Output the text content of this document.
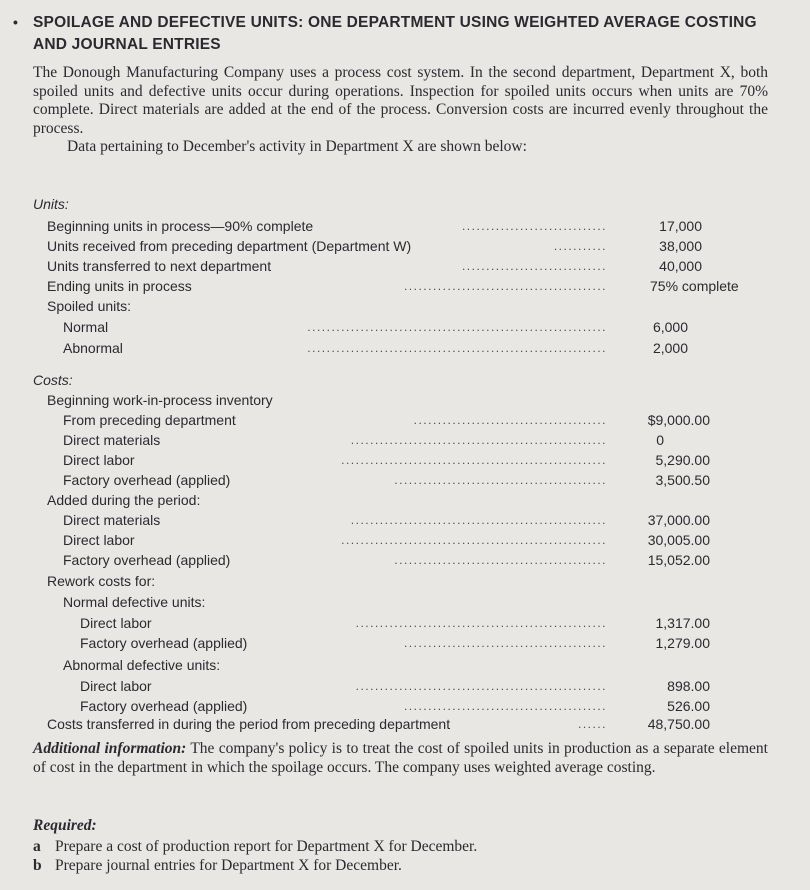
• SPOILAGE AND DEFECTIVE UNITS: ONE DEPARTMENT USING WEIGHTED AVERAGE COSTING AND JOURNAL ENTRIES
The Donough Manufacturing Company uses a process cost system. In the second department, Department X, both spoiled units and defective units occur during operations. Inspection for spoiled units occurs when units are 70% complete. Direct materials are added at the end of the process. Conversion costs are incurred evenly throughout the process.
Data pertaining to December's activity in Department X are shown below:
Units:
Beginning units in process—90% complete	..............................	17,000
Units received from preceding department (Department W)	...........	38,000
Units transferred to next department	..............................	40,000
Ending units in process	..........................................	75% complete
Spoiled units:
Normal	..............................................................	6,000
Abnormal	..............................................................	2,000
Costs:
Beginning work-in-process inventory
From preceding department	........................................	$9,000.00
Direct materials	.....................................................	0
Direct labor	.......................................................	5,290.00
Factory overhead (applied)	............................................	3,500.50
Added during the period:
Direct materials	.....................................................	37,000.00
Direct labor	.......................................................	30,005.00
Factory overhead (applied)	............................................	15,052.00
Rework costs for:
Normal defective units:
Direct labor	....................................................	1,317.00
Factory overhead (applied)	..........................................	1,279.00
Abnormal defective units:
Direct labor	....................................................	898.00
Factory overhead (applied)	..........................................	526.00
Costs transferred in during the period from preceding department	......	48,750.00
Additional information: The company's policy is to treat the cost of spoiled units in production as a separate element of cost in the department in which the spoilage occurs. The company uses weighted average costing.
Required:
a Prepare a cost of production report for Department X for December.
b Prepare journal entries for Department X for December.
